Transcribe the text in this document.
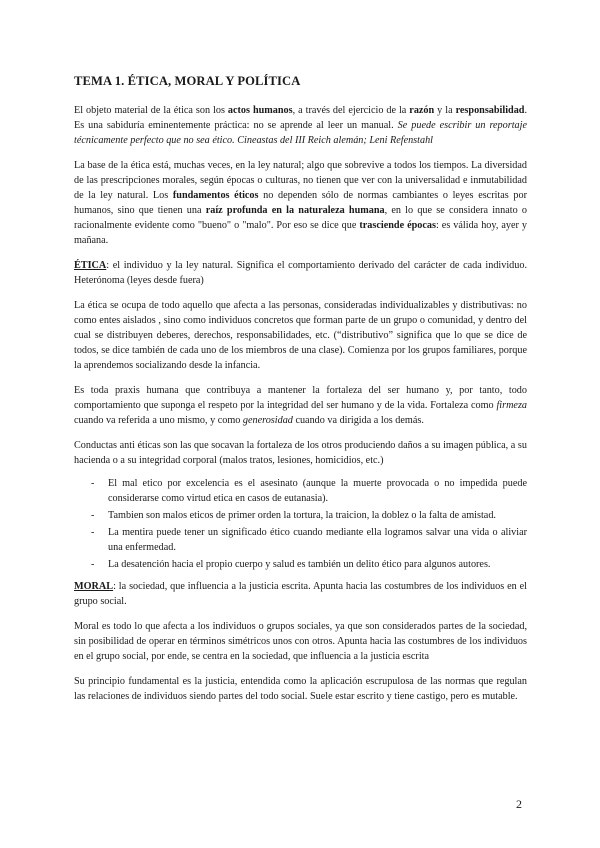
TEMA 1. ÉTICA, MORAL Y POLÍTICA

El objeto material de la ética son los actos humanos, a través del ejercicio de la razón y la responsabilidad. Es una sabiduría eminentemente práctica: no se aprende al leer un manual. Se puede escribir un reportaje técnicamente perfecto que no sea ético. Cineastas del III Reich alemán; Leni Refenstahl

La base de la ética está, muchas veces, en la ley natural; algo que sobrevive a todos los tiempos. La diversidad de las prescripciones morales, según épocas o culturas, no tienen que ver con la universalidad e inmutabilidad de la ley natural. Los fundamentos éticos no dependen sólo de normas cambiantes o leyes escritas por humanos, sino que tienen una raíz profunda en la naturaleza humana, en lo que se considera innato o racionalmente evidente como "bueno" o "malo". Por eso se dice que trasciende épocas: es válida hoy, ayer y mañana.

ÉTICA: el individuo y la ley natural. Significa el comportamiento derivado del carácter de cada individuo. Heterónoma (leyes desde fuera)

La ética se ocupa de todo aquello que afecta a las personas, consideradas individualizables y distributivas: no como entes aislados , sino como individuos concretos que forman parte de un grupo o comunidad, y dentro del cual se distribuyen deberes, derechos, responsabilidades, etc. (“distributivo” significa que lo que se dice de todos, se dice también de cada uno de los miembros de una clase). Comienza por los grupos familiares, porque la aprendemos socializando desde la infancia.

Es toda praxis humana que contribuya a mantener la fortaleza del ser humano y, por tanto, todo comportamiento que suponga el respeto por la integridad del ser humano y de la vida. Fortaleza como firmeza cuando va referida a uno mismo, y como generosidad cuando va dirigida a los demás.

Conductas anti éticas son las que socavan la fortaleza de los otros produciendo daños a su imagen pública, a su hacienda o a su integridad corporal (malos tratos, lesiones, homicidios, etc.)

- El mal etico por excelencia es el asesinato (aunque la muerte provocada o no impedida puede considerarse como virtud etica en casos de eutanasia).
- Tambien son malos eticos de primer orden la tortura, la traicion, la doblez o la falta de amistad.
- La mentira puede tener un significado ético cuando mediante ella logramos salvar una vida o aliviar una enfermedad.
- La desatención hacia el propio cuerpo y salud es también un delito ético para algunos autores.

MORAL: la sociedad, que influencia a la justicia escrita. Apunta hacia las costumbres de los individuos en el grupo social.

Moral es todo lo que afecta a los individuos o grupos sociales, ya que son considerados partes de la sociedad, sin posibilidad de operar en términos simétricos unos con otros. Apunta hacia las costumbres de los individuos en el grupo social, por ende, se centra en la sociedad, que influencia a la justicia escrita

Su principio fundamental es la justicia, entendida como la aplicación escrupulosa de las normas que regulan las relaciones de individuos siendo partes del todo social. Suele estar escrito y tiene castigo, pero es mutable.

2
